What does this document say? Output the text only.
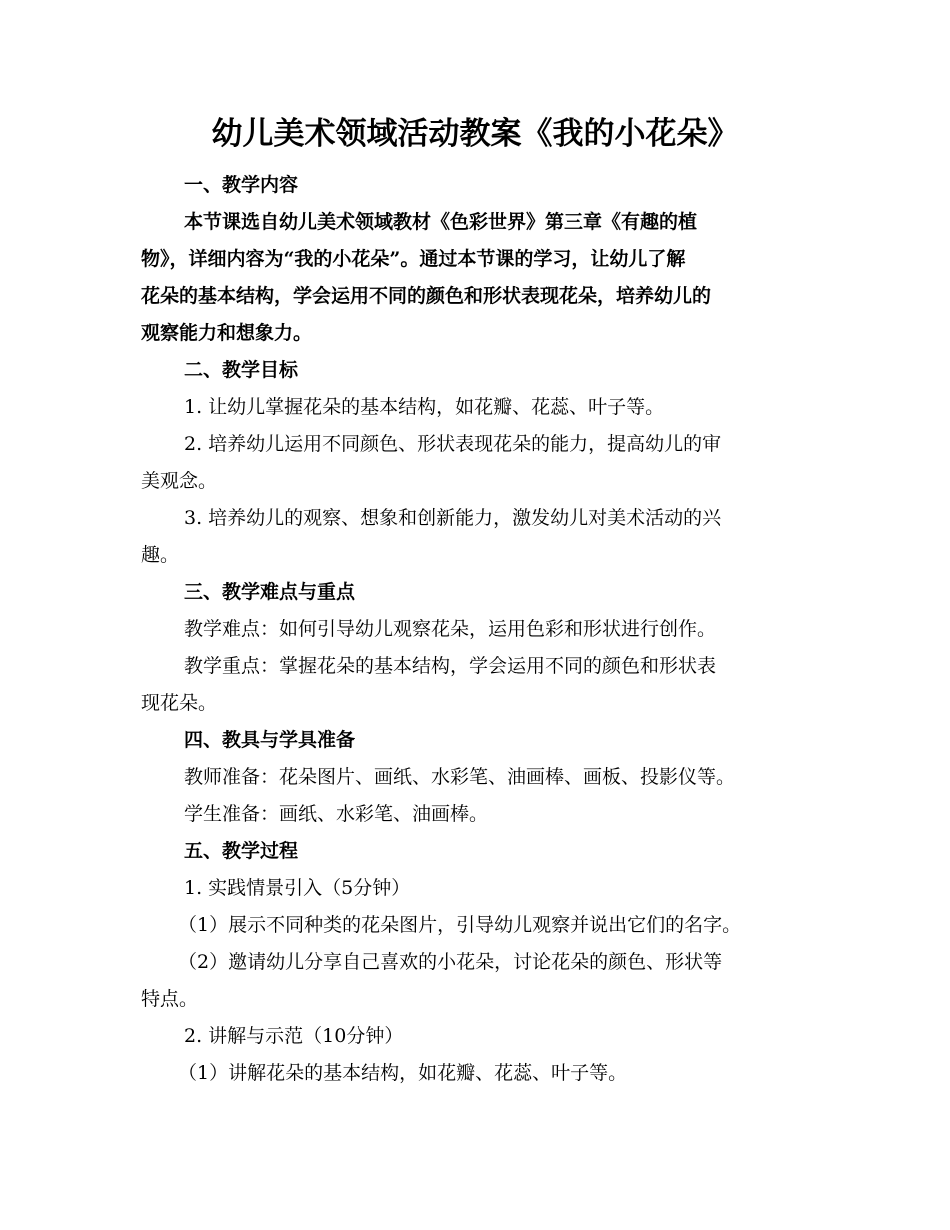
幼儿美术领域活动教案《我的小花朵》
一、教学内容
本节课选自幼儿美术领域教材《色彩世界》第三章《有趣的植
物》，详细内容为“我的小花朵”。通过本节课的学习，让幼儿了解
花朵的基本结构，学会运用不同的颜色和形状表现花朵，培养幼儿的
观察能力和想象力。
二、教学目标
1. 让幼儿掌握花朵的基本结构，如花瓣、花蕊、叶子等。
2. 培养幼儿运用不同颜色、形状表现花朵的能力，提高幼儿的审
美观念。
3. 培养幼儿的观察、想象和创新能力，激发幼儿对美术活动的兴
趣。
三、教学难点与重点
教学难点：如何引导幼儿观察花朵，运用色彩和形状进行创作。
教学重点：掌握花朵的基本结构，学会运用不同的颜色和形状表
现花朵。
四、教具与学具准备
教师准备：花朵图片、画纸、水彩笔、油画棒、画板、投影仪等。
学生准备：画纸、水彩笔、油画棒。
五、教学过程
1. 实践情景引入（5分钟）
（1）展示不同种类的花朵图片，引导幼儿观察并说出它们的名字。
（2）邀请幼儿分享自己喜欢的小花朵，讨论花朵的颜色、形状等
特点。
2. 讲解与示范（10分钟）
（1）讲解花朵的基本结构，如花瓣、花蕊、叶子等。
